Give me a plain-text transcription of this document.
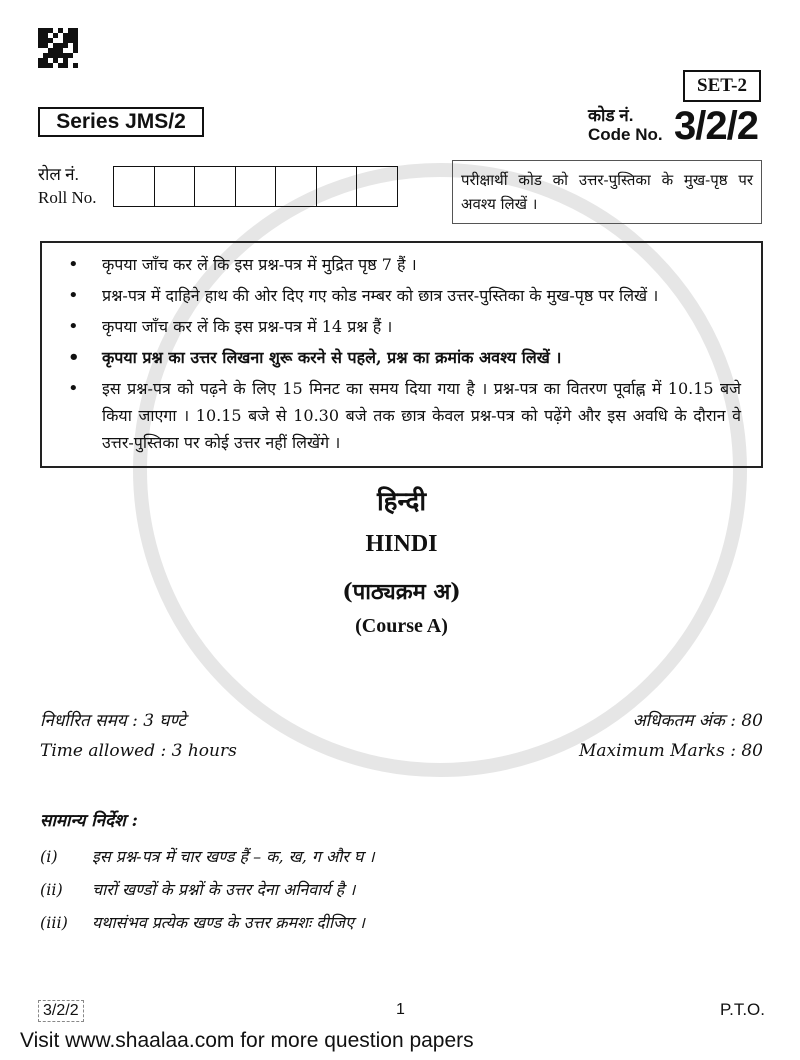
SET-2
Series JMS/2	कोड नं.
Code No. 3/2/2
रोल नं.
Roll No.
परीक्षार्थी कोड को उत्तर-पुस्तिका के मुख-पृष्ठ पर अवश्य लिखें ।
• कृपया जाँच कर लें कि इस प्रश्न-पत्र में मुद्रित पृष्ठ 7 हैं ।
• प्रश्न-पत्र में दाहिने हाथ की ओर दिए गए कोड नम्बर को छात्र उत्तर-पुस्तिका के मुख-पृष्ठ पर लिखें ।
• कृपया जाँच कर लें कि इस प्रश्न-पत्र में 14 प्रश्न हैं ।
• कृपया प्रश्न का उत्तर लिखना शुरू करने से पहले, प्रश्न का क्रमांक अवश्य लिखें ।
• इस प्रश्न-पत्र को पढ़ने के लिए 15 मिनट का समय दिया गया है । प्रश्न-पत्र का वितरण पूर्वाह्न में 10.15 बजे किया जाएगा । 10.15 बजे से 10.30 बजे तक छात्र केवल प्रश्न-पत्र को पढ़ेंगे और इस अवधि के दौरान वे उत्तर-पुस्तिका पर कोई उत्तर नहीं लिखेंगे ।
हिन्दी
HINDI
(पाठ्यक्रम अ)
(Course A)
निर्धारित समय : 3 घण्टे	अधिकतम अंक : 80
Time allowed : 3 hours	Maximum Marks : 80
सामान्य निर्देश :
(i)	इस प्रश्न-पत्र में चार खण्ड हैं – क, ख, ग और घ ।
(ii)	चारों खण्डों के प्रश्नों के उत्तर देना अनिवार्य है ।
(iii)	यथासंभव प्रत्येक खण्ड के उत्तर क्रमशः दीजिए ।
3/2/2	1	P.T.O.
Visit www.shaalaa.com for more question papers
